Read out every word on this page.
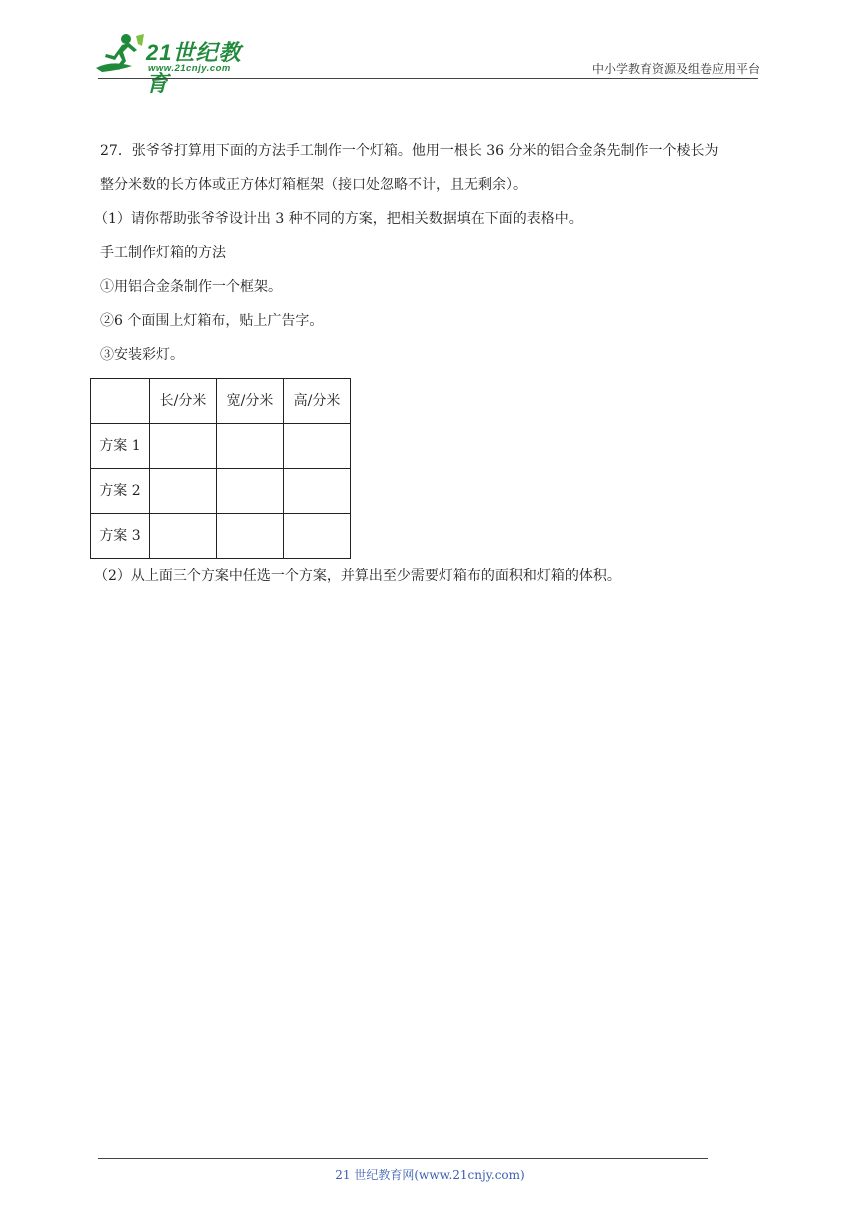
21世纪教育
www.21cnjy.com	中小学教育资源及组卷应用平台

27．张爷爷打算用下面的方法手工制作一个灯箱。他用一根长 36 分米的铝合金条先制作一个棱长为

整分米数的长方体或正方体灯箱框架（接口处忽略不计，且无剩余）。

（1）请你帮助张爷爷设计出 3 种不同的方案，把相关数据填在下面的表格中。

手工制作灯箱的方法

①用铝合金条制作一个框架。

②6 个面围上灯箱布，贴上广告字。

③安装彩灯。

	长/分米	宽/分米	高/分米
方案 1			
方案 2			
方案 3			

（2）从上面三个方案中任选一个方案，并算出至少需要灯箱布的面积和灯箱的体积。

21 世纪教育网(www.21cnjy.com)
